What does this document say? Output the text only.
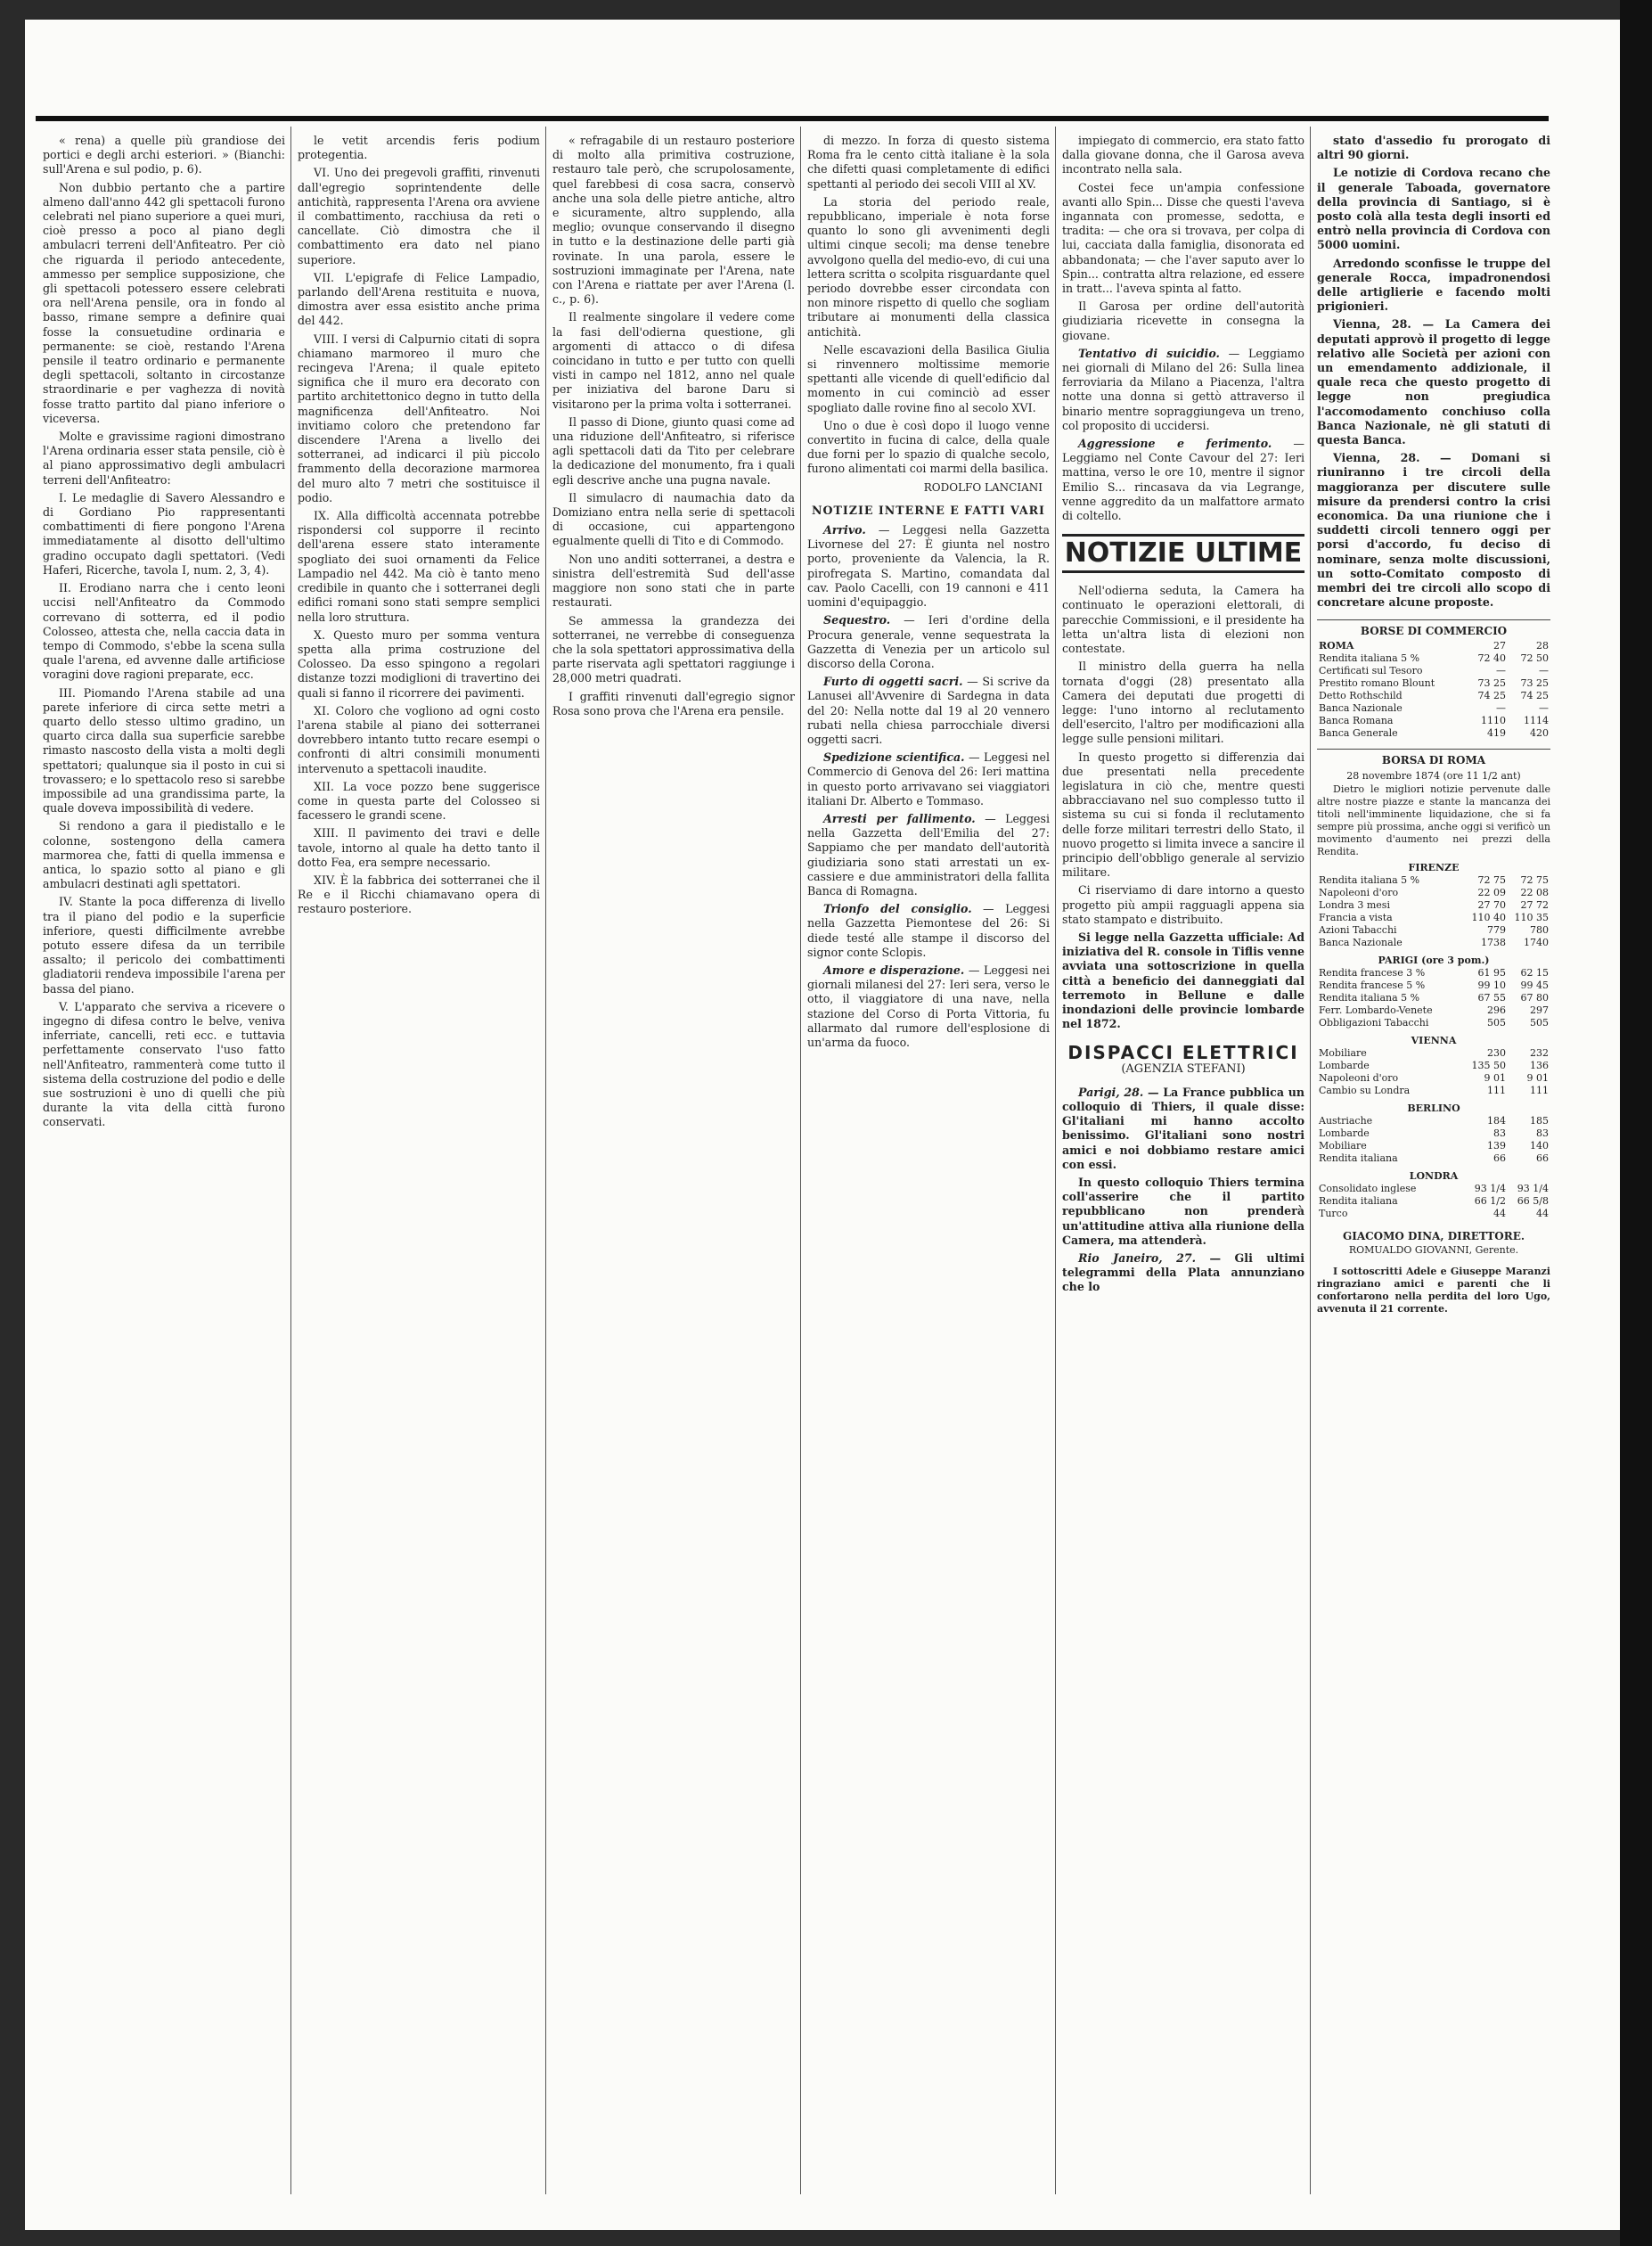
« rena) a quelle più grandiose dei portici e degli archi esteriori. » (Bianchi: sull'Arena e sul podio, p. 6).

Non dubbio pertanto che a partire almeno dall'anno 442 gli spettacoli furono celebrati nel piano superiore a quei muri, cioè presso a poco al piano degli ambulacri terreni dell'Anfiteatro. Per ciò che riguarda il periodo antecedente, ammesso per semplice supposizione, che gli spettacoli potessero essere celebrati ora nell'Arena pensile, ora in fondo al basso, rimane sempre a definire quai fosse la consuetudine ordinaria e permanente: se cioè, restando l'Arena pensile il teatro ordinario e permanente degli spettacoli, soltanto in circostanze straordinarie e per vaghezza di novità fosse tratto partito dal piano inferiore o viceversa.

Molte e gravissime ragioni dimostrano l'Arena ordinaria esser stata pensile, ciò è al piano approssimativo degli ambulacri terreni dell'Anfiteatro:

I. Le medaglie di Savero Alessandro e di Gordiano Pio rappresentanti combattimenti di fiere pongono l'Arena immediatamente al disotto dell'ultimo gradino occupato dagli spettatori. (Vedi Haferi, Ricerche, tavola I, num. 2, 3, 4).

II. Erodiano narra che i cento leoni uccisi nell'Anfiteatro da Commodo correvano di sotterra, ed il podio Colosseo, attesta che, nella caccia data in tempo di Commodo, s'ebbe la scena sulla quale l'arena, ed avvenne dalle artificiose voragini dove ragioni preparate, ecc.

III. Piomando l'Arena stabile ad una parete inferiore di circa sette metri a quarto dello stesso ultimo gradino, un quarto circa dalla sua superficie sarebbe rimasto nascosto della vista a molti degli spettatori; qualunque sia il posto in cui si trovassero; e lo spettacolo reso si sarebbe impossibile ad una grandissima parte, la quale doveva impossibilità di vedere.

Si rendono a gara il piedistallo e le colonne, sostengono della camera marmorea che, fatti di quella immensa e antica, lo spazio sotto al piano e gli ambulacri destinati agli spettatori.

IV. Stante la poca differenza di livello tra il piano del podio e la superficie inferiore, questi difficilmente avrebbe potuto essere difesa da un terribile assalto; il pericolo dei combattimenti gladiatorii rendeva impossibile l'arena per bassa del piano.

V. L'apparato che serviva a ricevere o ingegno di difesa contro le belve, veniva inferriate, cancelli, reti ecc. e tuttavia perfettamente conservato l'uso fatto nell'Anfiteatro, rammenterà come tutto il sistema della costruzione del podio e delle sue sostruzioni è uno di quelli che più durante la vita della città furono conservati.

le vetit arcendis feris podium protegentia.

VI. Uno dei pregevoli graffiti, rinvenuti dall'egregio soprintendente delle antichità, rappresenta l'Arena ora avviene il combattimento, racchiusa da reti o cancellate. Ciò dimostra che il combattimento era dato nel piano superiore.

VII. L'epigrafe di Felice Lampadio, parlando dell'Arena restituita e nuova, dimostra aver essa esistito anche prima del 442.

VIII. I versi di Calpurnio citati di sopra chiamano marmoreo il muro che recingeva l'Arena; il quale epiteto significa che il muro era decorato con partito architettonico degno in tutto della magnificenza dell'Anfiteatro. Noi invitiamo coloro che pretendono far discendere l'Arena a livello dei sotterranei, ad indicarci il più piccolo frammento della decorazione marmorea del muro alto 7 metri che sostituisce il podio.

IX. Alla difficoltà accennata potrebbe rispondersi col supporre il recinto dell'arena essere stato interamente spogliato dei suoi ornamenti da Felice Lampadio nel 442. Ma ciò è tanto meno credibile in quanto che i sotterranei degli edifici romani sono stati sempre semplici nella loro struttura.

X. Questo muro per somma ventura spetta alla prima costruzione del Colosseo. Da esso spingono a regolari distanze tozzi modiglioni di travertino dei quali si fanno il ricorrere dei pavimenti.

XI. Coloro che vogliono ad ogni costo l'arena stabile al piano dei sotterranei dovrebbero intanto tutto recare esempi o confronti di altri consimili monumenti intervenuto a spettacoli inaudite.

XII. La voce pozzo bene suggerisce come in questa parte del Colosseo si facessero le grandi scene.

XIII. Il pavimento dei travi e delle tavole, intorno al quale ha detto tanto il dotto Fea, era sempre necessario.

XIV. È la fabbrica dei sotterranei che il Re e il Ricchi chiamavano opera di restauro posteriore.

« refragabile di un restauro posteriore di molto alla primitiva costruzione, restauro tale però, che scrupolosamente, quel farebbesi di cosa sacra, conservò anche una sola delle pietre antiche, altro e sicuramente, altro supplendo, alla meglio; ovunque conservando il disegno in tutto e la destinazione delle parti già rovinate. In una parola, essere le sostruzioni immaginate per l'Arena, nate con l'Arena e riattate per aver l'Arena (l. c., p. 6).

Il realmente singolare il vedere come la fasi dell'odierna questione, gli argomenti di attacco o di difesa coincidano in tutto e per tutto con quelli visti in campo nel 1812, anno nel quale per iniziativa del barone Daru si visitarono per la prima volta i sotterranei.

Il passo di Dione, giunto quasi come ad una riduzione dell'Anfiteatro, si riferisce agli spettacoli dati da Tito per celebrare la dedicazione del monumento, fra i quali egli descrive anche una pugna navale.

Il simulacro di naumachia dato da Domiziano entra nella serie di spettacoli di occasione, cui appartengono egualmente quelli di Tito e di Commodo.

Non uno anditi sotterranei, a destra e sinistra dell'estremità Sud dell'asse maggiore non sono stati che in parte restaurati.

Se ammessa la grandezza dei sotterranei, ne verrebbe di conseguenza che la sola spettatori approssimativa della parte riservata agli spettatori raggiunge i 28,000 metri quadrati.

I graffiti rinvenuti dall'egregio signor Rosa sono prova che l'Arena era pensile.

di mezzo. In forza di questo sistema Roma fra le cento città italiane è la sola che difetti quasi completamente di edifici spettanti al periodo dei secoli VIII al XV.

La storia del periodo reale, repubblicano, imperiale è nota forse quanto lo sono gli avvenimenti degli ultimi cinque secoli; ma dense tenebre avvolgono quella del medio-evo, di cui una lettera scritta o scolpita risguardante quel periodo dovrebbe esser circondata con non minore rispetto di quello che sogliam tributare ai monumenti della classica antichità.

Nelle escavazioni della Basilica Giulia si rinvennero moltissime memorie spettanti alle vicende di quell'edificio dal momento in cui cominciò ad esser spogliato dalle rovine fino al secolo XVI.

Uno o due è così dopo il luogo venne convertito in fucina di calce, della quale due forni per lo spazio di qualche secolo, furono alimentati coi marmi della basilica.

RODOLFO LANCIANI
NOTIZIE INTERNE E FATTI VARI

Arrivo. — Leggesi nella Gazzetta Livornese del 27: È giunta nel nostro porto, proveniente da Valencia, la R. pirofregata S. Martino, comandata dal cav. Paolo Cacelli, con 19 cannoni e 411 uomini d'equipaggio.

Sequestro. — Ieri d'ordine della Procura generale, venne sequestrata la Gazzetta di Venezia per un articolo sul discorso della Corona.

Furto di oggetti sacri. — Si scrive da Lanusei all'Avvenire di Sardegna in data del 20: Nella notte dal 19 al 20 vennero rubati nella chiesa parrocchiale diversi oggetti sacri.

Spedizione scientifica. — Leggesi nel Commercio di Genova del 26: Ieri mattina in questo porto arrivavano sei viaggiatori italiani Dr. Alberto e Tommaso.

Arresti per fallimento. — Leggesi nella Gazzetta dell'Emilia del 27: Sappiamo che per mandato dell'autorità giudiziaria sono stati arrestati un ex-cassiere e due amministratori della fallita Banca di Romagna.

Trionfo del consiglio. — Leggesi nella Gazzetta Piemontese del 26: Si diede testé alle stampe il discorso del signor conte Sclopis.

Amore e disperazione. — Leggesi nei giornali milanesi del 27: Ieri sera, verso le otto, il viaggiatore di una nave, nella stazione del Corso di Porta Vittoria, fu allarmato dal rumore dell'esplosione di un'arma da fuoco.

impiegato di commercio, era stato fatto dalla giovane donna, che il Garosa aveva incontrato nella sala.

Costei fece un'ampia confessione avanti allo Spin... Disse che questi l'aveva ingannata con promesse, sedotta, e tradita: — che ora si trovava, per colpa di lui, cacciata dalla famiglia, disonorata ed abbandonata; — che l'aver saputo aver lo Spin... contratta altra relazione, ed essere in tratt... l'aveva spinta al fatto.

Il Garosa per ordine dell'autorità giudiziaria ricevette in consegna la giovane.

Tentativo di suicidio. — Leggiamo nei giornali di Milano del 26: Sulla linea ferroviaria da Milano a Piacenza, l'altra notte una donna si gettò attraverso il binario mentre sopraggiungeva un treno, col proposito di uccidersi.

Aggressione e ferimento. — Leggiamo nel Conte Cavour del 27: Ieri mattina, verso le ore 10, mentre il signor Emilio S... rincasava da via Legrange, venne aggredito da un malfattore armato di coltello.

NOTIZIE ULTIME

Nell'odierna seduta, la Camera ha continuato le operazioni elettorali, di parecchie Commissioni, e il presidente ha letta un'altra lista di elezioni non contestate.

Il ministro della guerra ha nella tornata d'oggi (28) presentato alla Camera dei deputati due progetti di legge: l'uno intorno al reclutamento dell'esercito, l'altro per modificazioni alla legge sulle pensioni militari.

In questo progetto si differenzia dai due presentati nella precedente legislatura in ciò che, mentre questi abbracciavano nel suo complesso tutto il sistema su cui si fonda il reclutamento delle forze militari terrestri dello Stato, il nuovo progetto si limita invece a sancire il principio dell'obbligo generale al servizio militare.

Ci riserviamo di dare intorno a questo progetto più ampii ragguagli appena sia stato stampato e distribuito.

Si legge nella Gazzetta ufficiale: Ad iniziativa del R. console in Tiflis venne avviata una sottoscrizione in quella città a beneficio dei danneggiati dal terremoto in Bellune e dalle inondazioni delle provincie lombarde nel 1872.

DISPACCI ELETTRICI
(AGENZIA STEFANI)

Parigi, 28. — La France pubblica un colloquio di Thiers, il quale disse: Gl'italiani mi hanno accolto benissimo. Gl'italiani sono nostri amici e noi dobbiamo restare amici con essi.

In questo colloquio Thiers termina coll'asserire che il partito repubblicano non prenderà un'attitudine attiva alla riunione della Camera, ma attenderà.

Rio Janeiro, 27. — Gli ultimi telegrammi della Plata annunziano che lo

stato d'assedio fu prorogato di altri 90 giorni.

Le notizie di Cordova recano che il generale Taboada, governatore della provincia di Santiago, si è posto colà alla testa degli insorti ed entrò nella provincia di Cordova con 5000 uomini.

Arredondo sconfisse le truppe del generale Rocca, impadronendosi delle artiglierie e facendo molti prigionieri.

Vienna, 28. — La Camera dei deputati approvò il progetto di legge relativo alle Società per azioni con un emendamento addizionale, il quale reca che questo progetto di legge non pregiudica l'accomodamento conchiuso colla Banca Nazionale, nè gli statuti di questa Banca.

Vienna, 28. — Domani si riuniranno i tre circoli della maggioranza per discutere sulle misure da prendersi contro la crisi economica. Da una riunione che i suddetti circoli tennero oggi per porsi d'accordo, fu deciso di nominare, senza molte discussioni, un sotto-Comitato composto di membri dei tre circoli allo scopo di concretare alcune proposte.

BORSE DI COMMERCIO
ROMA	27	28
Rendita italiana 5 %	72 40	72 50
Certificati sul Tesoro	—	—
Prestito romano Blount	73 25	73 25
Detto Rothschild	74 25	74 25
Banca Nazionale	—	—
Banca Romana	1110	1114
Banca Generale	419	420
BORSA DI ROMA
28 novembre 1874 (ore 11 1/2 ant)

Dietro le migliori notizie pervenute dalle altre nostre piazze e stante la mancanza dei titoli nell'imminente liquidazione, che si fa sempre più prossima, anche oggi si verificò un movimento d'aumento nei prezzi della Rendita.

FIRENZE		
Rendita italiana 5 %	72 75	72 75
Napoleoni d'oro	22 09	22 08
Londra 3 mesi	27 70	27 72
Francia a vista	110 40	110 35
Azioni Tabacchi	779	780
Banca Nazionale	1738	1740
PARIGI (ore 3 pom.)		
Rendita francese 3 %	61 95	62 15
Rendita francese 5 %	99 10	99 45
Rendita italiana 5 %	67 55	67 80
Ferr. Lombardo-Venete	296	297
Obbligazioni Tabacchi	505	505
VIENNA		
Mobiliare	230	232
Lombarde	135 50	136
Napoleoni d'oro	9 01	9 01
Cambio su Londra	111	111
BERLINO		
Austriache	184	185
Lombarde	83	83
Mobiliare	139	140
Rendita italiana	66	66
LONDRA		
Consolidato inglese	93 1/4	93 1/4
Rendita italiana	66 1/2	66 5/8
Turco	44	44
GIACOMO DINA, DIRETTORE.
ROMUALDO GIOVANNI, Gerente.

I sottoscritti Adele e Giuseppe Maranzi ringraziano amici e parenti che li confortarono nella perdita del loro Ugo, avvenuta il 21 corrente.
